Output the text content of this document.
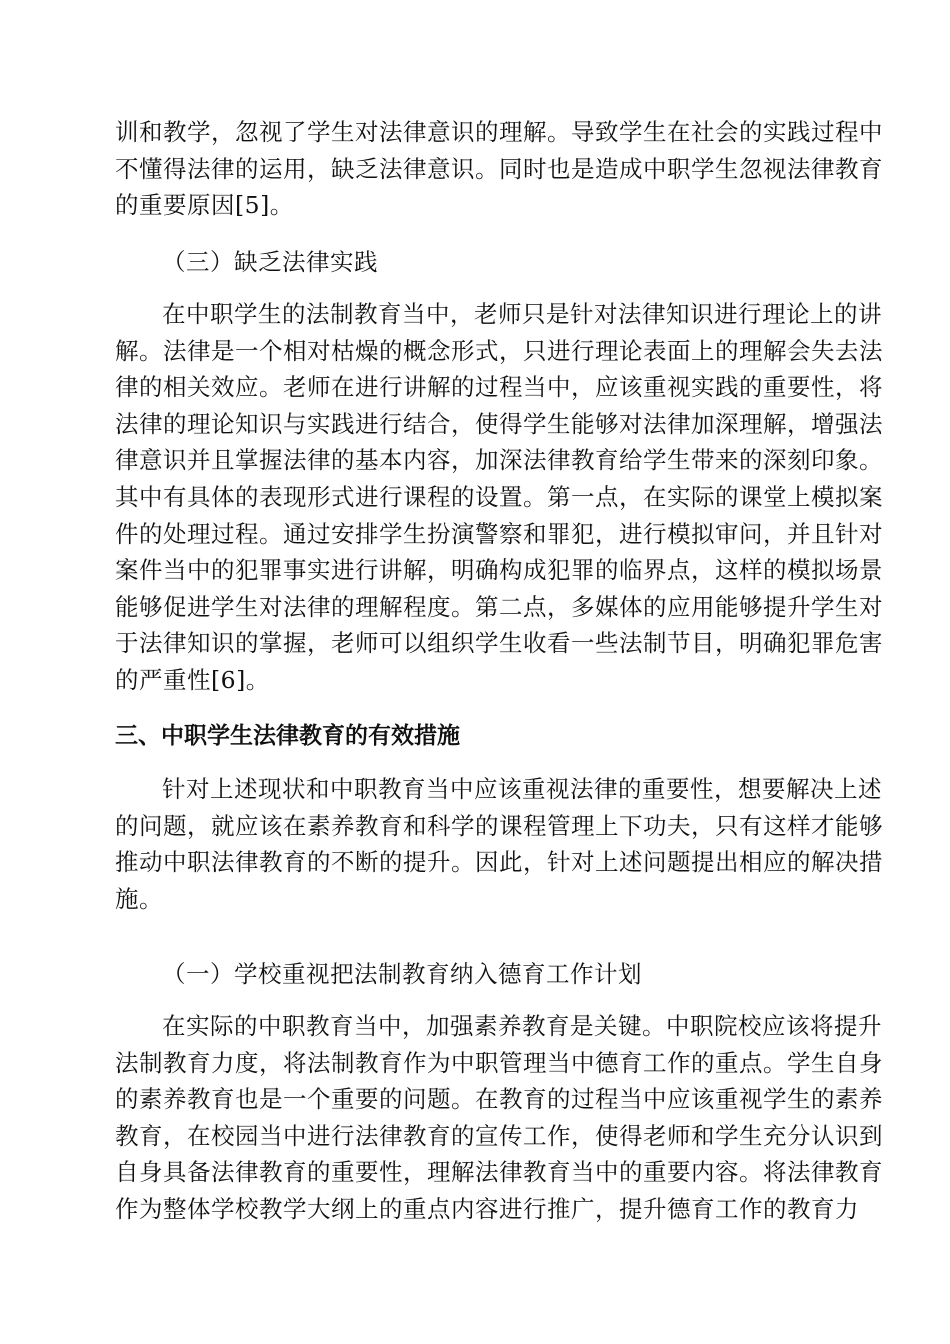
训和教学，忽视了学生对法律意识的理解。导致学生在社会的实践过程中
不懂得法律的运用，缺乏法律意识。同时也是造成中职学生忽视法律教育
的重要原因[5]。
（三）缺乏法律实践
在中职学生的法制教育当中，老师只是针对法律知识进行理论上的讲
解。法律是一个相对枯燥的概念形式，只进行理论表面上的理解会失去法
律的相关效应。老师在进行讲解的过程当中，应该重视实践的重要性，将
法律的理论知识与实践进行结合，使得学生能够对法律加深理解，增强法
律意识并且掌握法律的基本内容，加深法律教育给学生带来的深刻印象。
其中有具体的表现形式进行课程的设置。第一点，在实际的课堂上模拟案
件的处理过程。通过安排学生扮演警察和罪犯，进行模拟审问，并且针对
案件当中的犯罪事实进行讲解，明确构成犯罪的临界点，这样的模拟场景
能够促进学生对法律的理解程度。第二点，多媒体的应用能够提升学生对
于法律知识的掌握，老师可以组织学生收看一些法制节目，明确犯罪危害
的严重性[6]。
三、中职学生法律教育的有效措施
针对上述现状和中职教育当中应该重视法律的重要性，想要解决上述
的问题，就应该在素养教育和科学的课程管理上下功夫，只有这样才能够
推动中职法律教育的不断的提升。因此，针对上述问题提出相应的解决措
施。
（一）学校重视把法制教育纳入德育工作计划
在实际的中职教育当中，加强素养教育是关键。中职院校应该将提升
法制教育力度，将法制教育作为中职管理当中德育工作的重点。学生自身
的素养教育也是一个重要的问题。在教育的过程当中应该重视学生的素养
教育，在校园当中进行法律教育的宣传工作，使得老师和学生充分认识到
自身具备法律教育的重要性，理解法律教育当中的重要内容。将法律教育
作为整体学校教学大纲上的重点内容进行推广，提升德育工作的教育力
